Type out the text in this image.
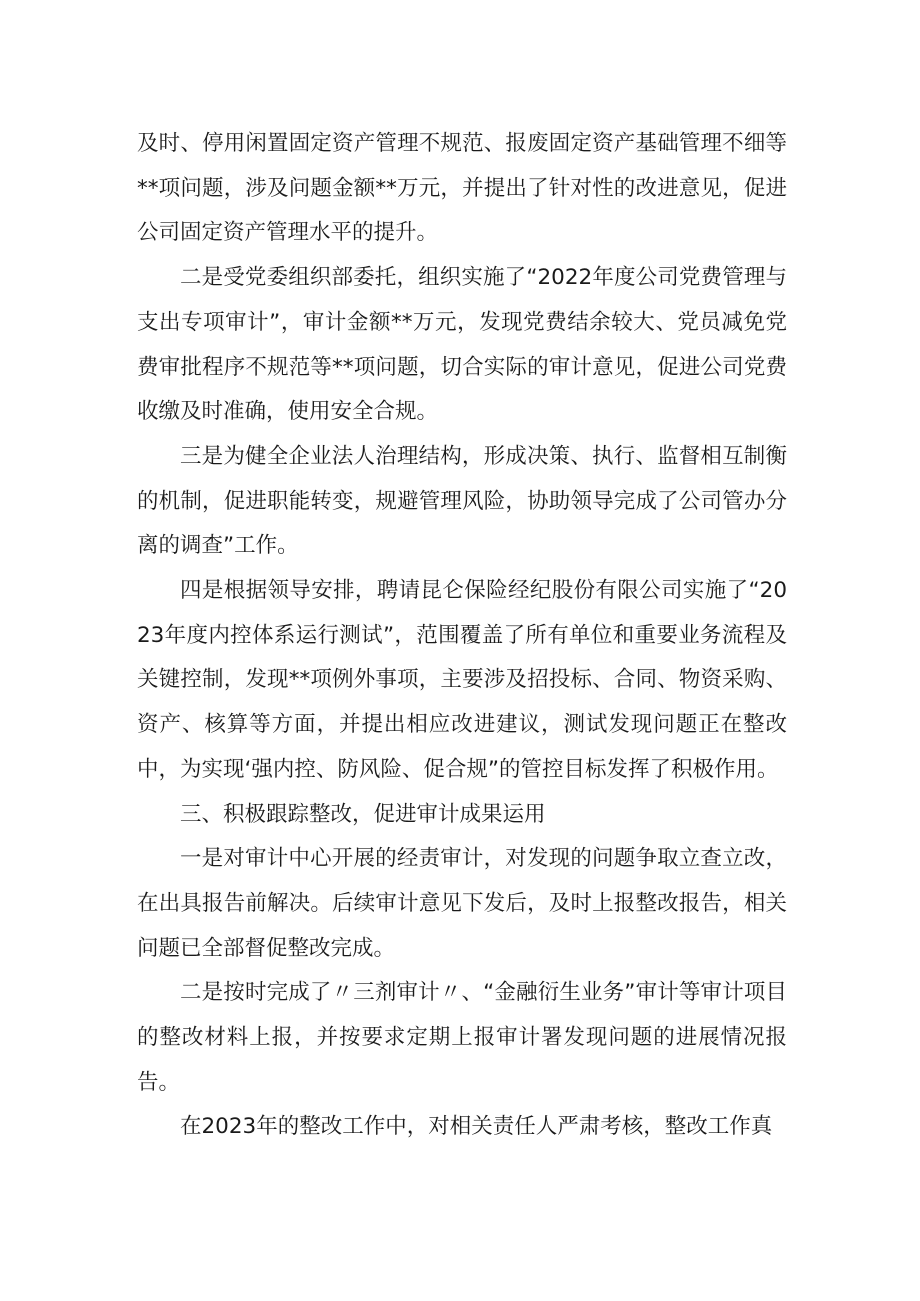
及时、停用闲置固定资产管理不规范、报废固定资产基础管理不细等**项问题，涉及问题金额**万元，并提出了针对性的改进意见，促进公司固定资产管理水平的提升。

二是受党委组织部委托，组织实施了“2022年度公司党费管理与支出专项审计”，审计金额**万元，发现党费结余较大、党员减免党费审批程序不规范等**项问题，切合实际的审计意见，促进公司党费收缴及时准确，使用安全合规。

三是为健全企业法人治理结构，形成决策、执行、监督相互制衡的机制，促进职能转变，规避管理风险，协助领导完成了公司管办分离的调查”工作。

四是根据领导安排，聘请昆仑保险经纪股份有限公司实施了“2023年度内控体系运行测试”，范围覆盖了所有单位和重要业务流程及关键控制，发现**项例外事项，主要涉及招投标、合同、物资采购、资产、核算等方面，并提出相应改进建议，测试发现问题正在整改中，为实现‘强内控、防风险、促合规”的管控目标发挥了积极作用。

三、积极跟踪整改，促进审计成果运用

一是对审计中心开展的经责审计，对发现的问题争取立查立改，在出具报告前解决。后续审计意见下发后，及时上报整改报告，相关问题已全部督促整改完成。

二是按时完成了〃三剂审计〃、“金融衍生业务”审计等审计项目的整改材料上报，并按要求定期上报审计署发现问题的进展情况报告。

在2023年的整改工作中，对相关责任人严肃考核，整改工作真
